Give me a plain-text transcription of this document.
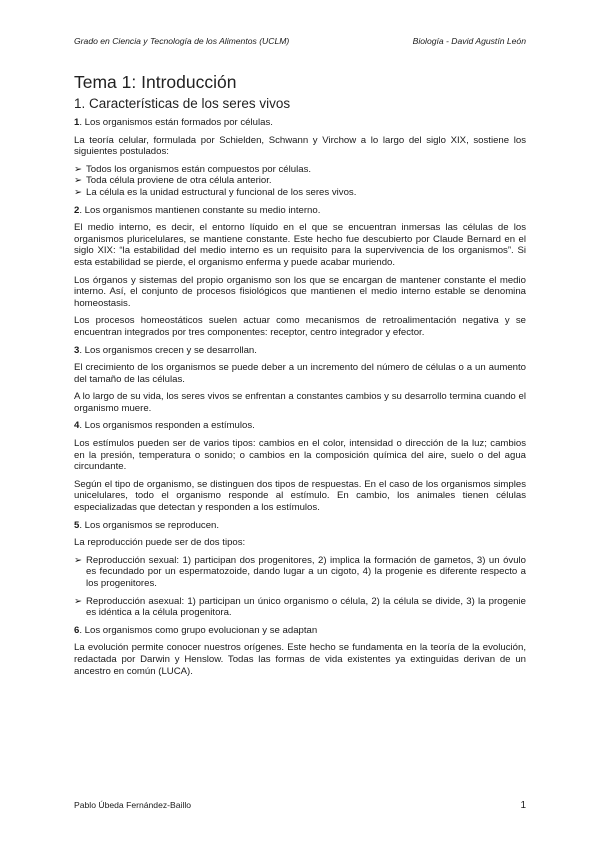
Grado en Ciencia y Tecnología de los Alimentos (UCLM)	Biología - David Agustín León
Tema 1: Introducción
1. Características de los seres vivos

1. Los organismos están formados por células.

La teoría celular, formulada por Schielden, Schwann y Virchow a lo largo del siglo XIX, sostiene los siguientes postulados:

➢ Todos los organismos están compuestos por células.
➢ Toda célula proviene de otra célula anterior.
➢ La célula es la unidad estructural y funcional de los seres vivos.

2. Los organismos mantienen constante su medio interno.

El medio interno, es decir, el entorno líquido en el que se encuentran inmersas las células de los organismos pluricelulares, se mantiene constante. Este hecho fue descubierto por Claude Bernard en el siglo XIX: “la estabilidad del medio interno es un requisito para la supervivencia de los organismos”. Si esta estabilidad se pierde, el organismo enferma y puede acabar muriendo.

Los órganos y sistemas del propio organismo son los que se encargan de mantener constante el medio interno. Así, el conjunto de procesos fisiológicos que mantienen el medio interno estable se denomina homeostasis.

Los procesos homeostáticos suelen actuar como mecanismos de retroalimentación negativa y se encuentran integrados por tres componentes: receptor, centro integrador y efector.

3. Los organismos crecen y se desarrollan.

El crecimiento de los organismos se puede deber a un incremento del número de células o a un aumento del tamaño de las células.

A lo largo de su vida, los seres vivos se enfrentan a constantes cambios y su desarrollo termina cuando el organismo muere.

4. Los organismos responden a estímulos.

Los estímulos pueden ser de varios tipos: cambios en el color, intensidad o dirección de la luz; cambios en la presión, temperatura o sonido; o cambios en la composición química del aire, suelo o del agua circundante.

Según el tipo de organismo, se distinguen dos tipos de respuestas. En el caso de los organismos simples unicelulares, todo el organismo responde al estímulo. En cambio, los animales tienen células especializadas que detectan y responden a los estímulos.

5. Los organismos se reproducen.

La reproducción puede ser de dos tipos:

➢ Reproducción sexual: 1) participan dos progenitores, 2) implica la formación de gametos, 3) un óvulo es fecundado por un espermatozoide, dando lugar a un cigoto, 4) la progenie es diferente respecto a los progenitores.
➢ Reproducción asexual: 1) participan un único organismo o célula, 2) la célula se divide, 3) la progenie es idéntica a la célula progenitora.

6. Los organismos como grupo evolucionan y se adaptan

La evolución permite conocer nuestros orígenes. Este hecho se fundamenta en la teoría de la evolución, redactada por Darwin y Henslow. Todas las formas de vida existentes ya extinguidas derivan de un ancestro en común (LUCA).

Pablo Úbeda Fernández-Baillo	1
